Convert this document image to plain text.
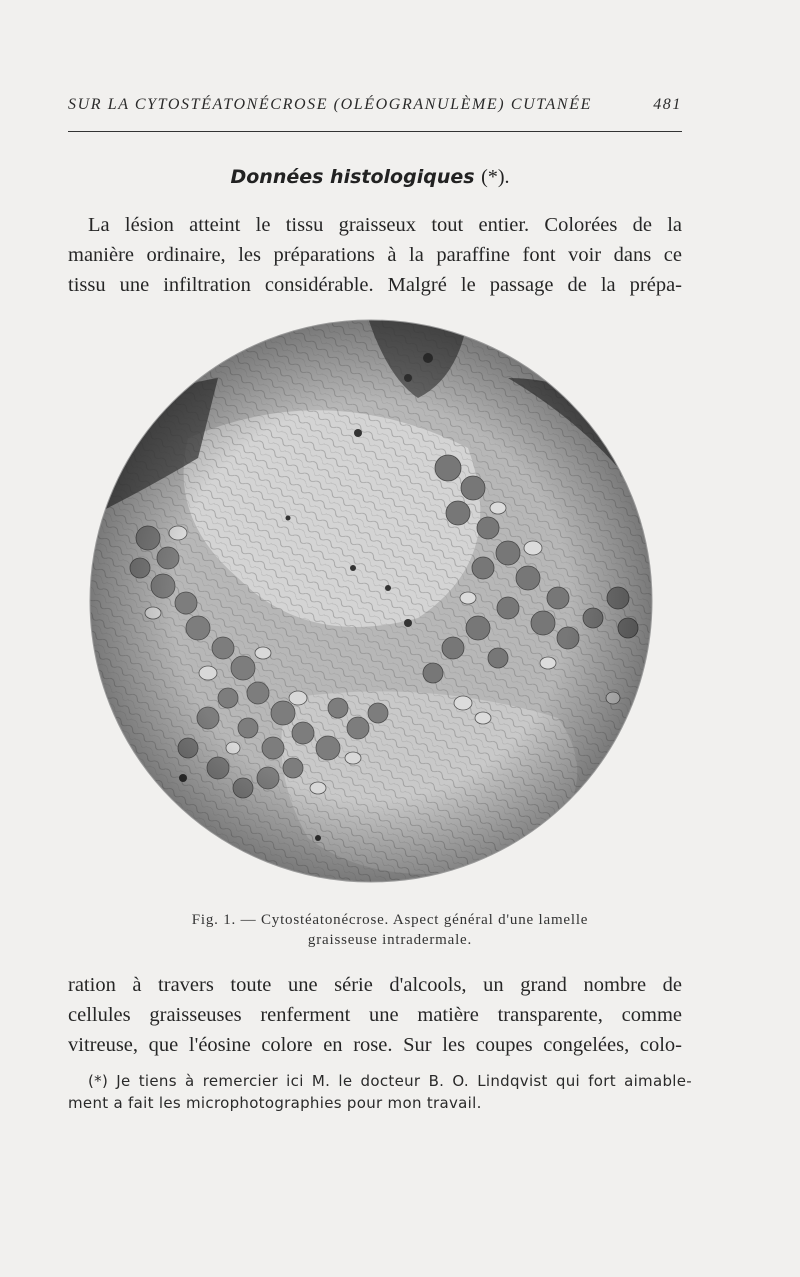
SUR LA CYTOSTÉATONÉCROSE (OLÉOGRANULÈME) CUTANÉE	481
Données histologiques (*).
La lésion atteint le tissu graisseux tout entier. Colorées de la
manière ordinaire, les préparations à la paraffine font voir dans ce
tissu une infiltration considérable. Malgré le passage de la prépa-
Fig. 1. — Cytostéatonécrose. Aspect général d'une lamelle
graisseuse intradermale.
ration à travers toute une série d'alcools, un grand nombre de
cellules graisseuses renferment une matière transparente, comme
vitreuse, que l'éosine colore en rose. Sur les coupes congelées, colo-
(*) Je tiens à remercier ici M. le docteur B. O. Lindqvist qui fort aimable-
ment a fait les microphotographies pour mon travail.
